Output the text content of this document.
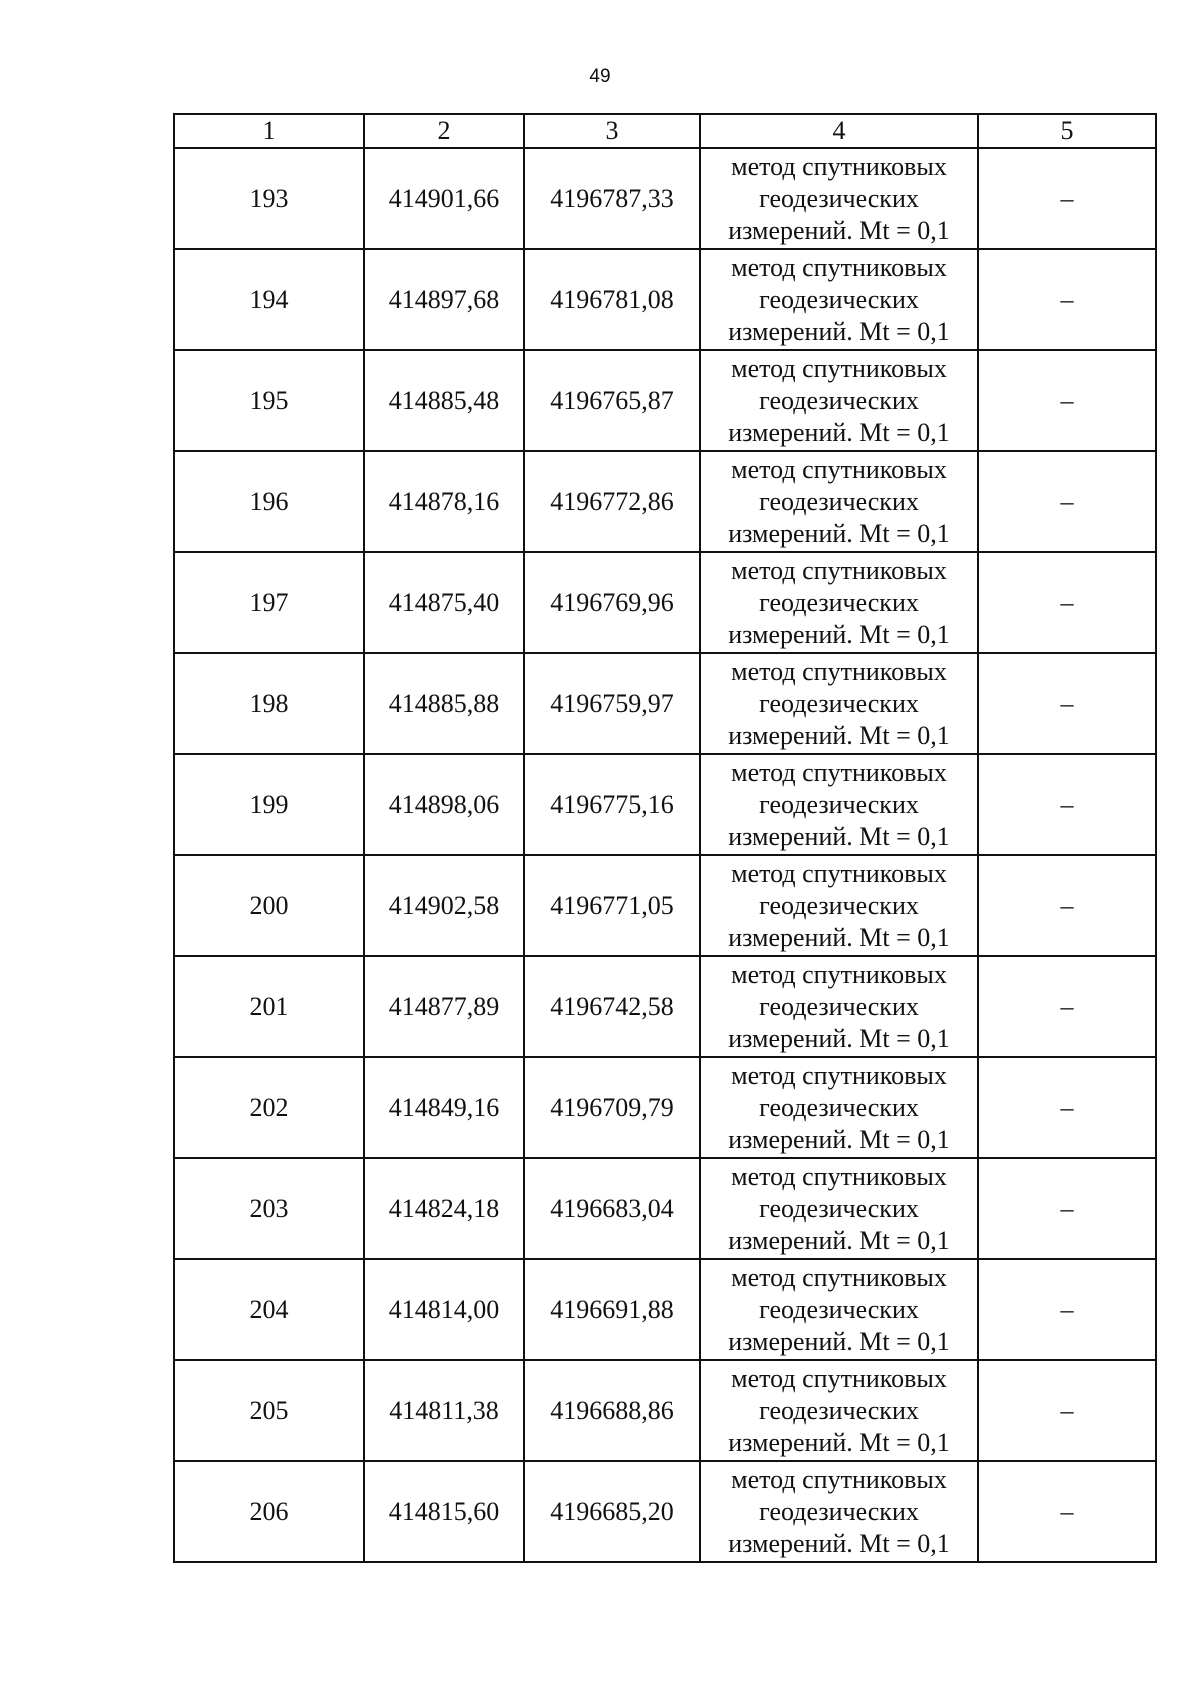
49
1	2	3	4	5
193	414901,66	4196787,33	метод спутниковых
геодезических
измерений. Mt = 0,1	–
194	414897,68	4196781,08	метод спутниковых
геодезических
измерений. Mt = 0,1	–
195	414885,48	4196765,87	метод спутниковых
геодезических
измерений. Mt = 0,1	–
196	414878,16	4196772,86	метод спутниковых
геодезических
измерений. Mt = 0,1	–
197	414875,40	4196769,96	метод спутниковых
геодезических
измерений. Mt = 0,1	–
198	414885,88	4196759,97	метод спутниковых
геодезических
измерений. Mt = 0,1	–
199	414898,06	4196775,16	метод спутниковых
геодезических
измерений. Mt = 0,1	–
200	414902,58	4196771,05	метод спутниковых
геодезических
измерений. Mt = 0,1	–
201	414877,89	4196742,58	метод спутниковых
геодезических
измерений. Mt = 0,1	–
202	414849,16	4196709,79	метод спутниковых
геодезических
измерений. Mt = 0,1	–
203	414824,18	4196683,04	метод спутниковых
геодезических
измерений. Mt = 0,1	–
204	414814,00	4196691,88	метод спутниковых
геодезических
измерений. Mt = 0,1	–
205	414811,38	4196688,86	метод спутниковых
геодезических
измерений. Mt = 0,1	–
206	414815,60	4196685,20	метод спутниковых
геодезических
измерений. Mt = 0,1	–
